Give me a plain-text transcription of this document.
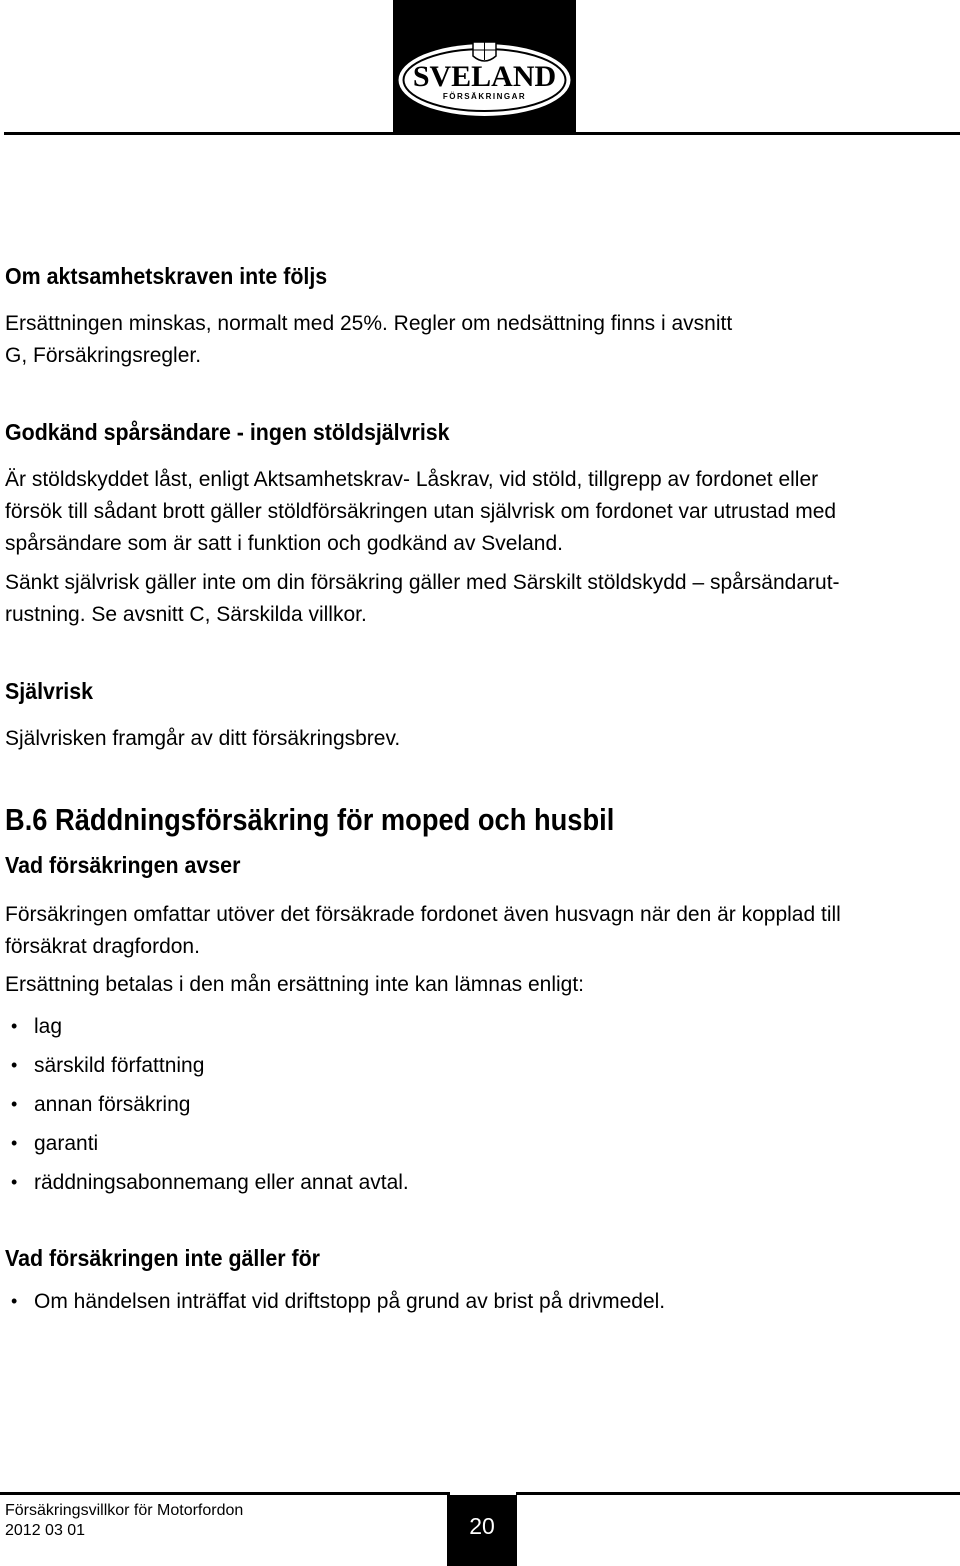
SVELAND
FÖRSÄKRINGAR

Om aktsamhetskraven inte följs

Ersättningen minskas, normalt med 25%. Regler om nedsättning finns i avsnitt

G, Försäkringsregler.

Godkänd spårsändare - ingen stöldsjälvrisk

Är stöldskyddet låst, enligt Aktsamhetskrav- Låskrav, vid stöld, tillgrepp av fordonet eller

försök till sådant brott gäller stöldförsäkringen utan självrisk om fordonet var utrustad med

spårsändare som är satt i funktion och godkänd av Sveland.

Sänkt självrisk gäller inte om din försäkring gäller med Särskilt stöldskydd – spårsändarut-

rustning. Se avsnitt C, Särskilda villkor.

Självrisk

Självrisken framgår av ditt försäkringsbrev.

B.6 Räddningsförsäkring för moped och husbil

Vad försäkringen avser

Försäkringen omfattar utöver det försäkrade fordonet även husvagn när den är kopplad till

försäkrat dragfordon.

Ersättning betalas i den mån ersättning inte kan lämnas enligt:

• lag
• särskild författning
• annan försäkring
• garanti
• räddningsabonnemang eller annat avtal.

Vad försäkringen inte gäller för

• Om händelsen inträffat vid driftstopp på grund av brist på drivmedel.
Försäkringsvillkor för Motorfordon
2012 03 01	20
